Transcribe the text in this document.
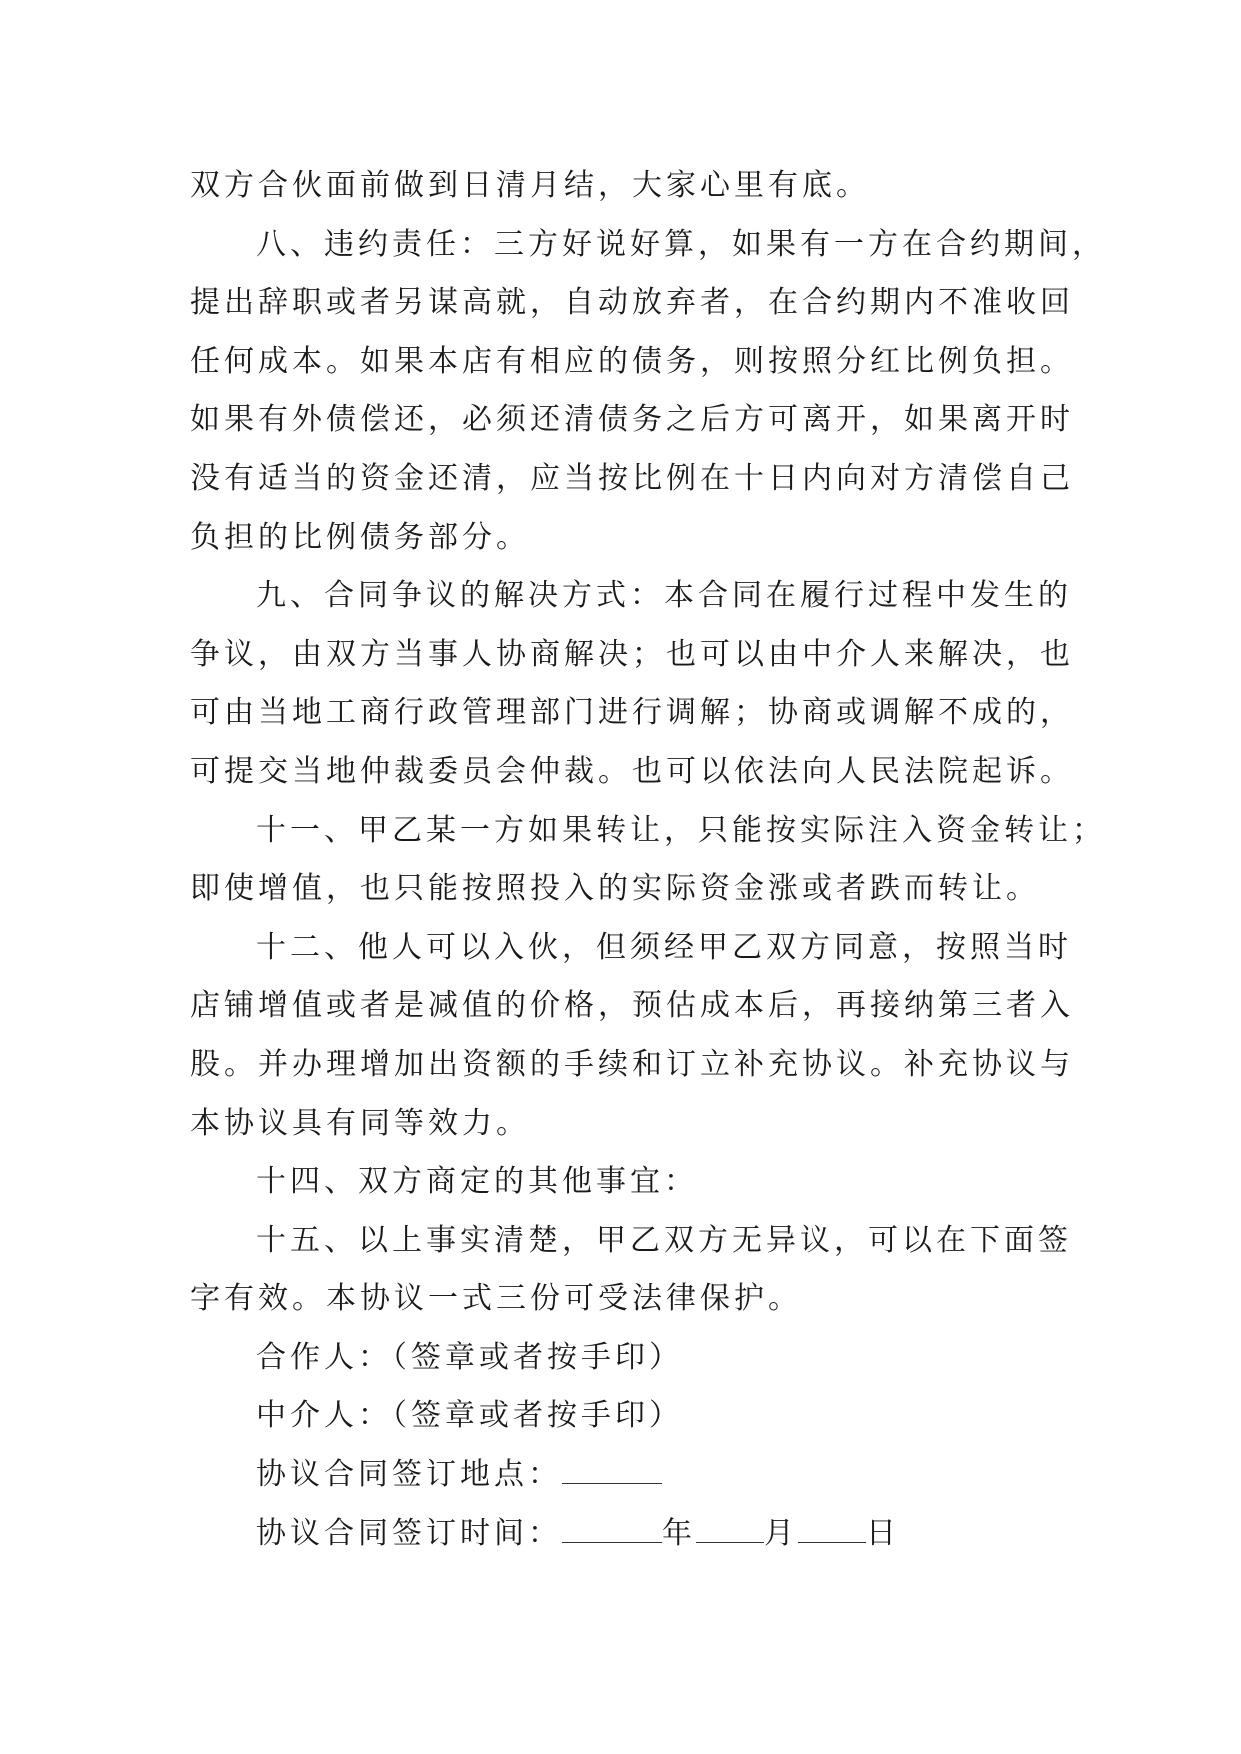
双方合伙面前做到日清月结，大家心里有底。
八、违约责任：三方好说好算，如果有一方在合约期间，
提出辞职或者另谋高就，自动放弃者，在合约期内不准收回
任何成本。如果本店有相应的债务，则按照分红比例负担。
如果有外债偿还，必须还清债务之后方可离开，如果离开时
没有适当的资金还清，应当按比例在十日内向对方清偿自己
负担的比例债务部分。
九、合同争议的解决方式：本合同在履行过程中发生的
争议，由双方当事人协商解决；也可以由中介人来解决，也
可由当地工商行政管理部门进行调解；协商或调解不成的，
可提交当地仲裁委员会仲裁。也可以依法向人民法院起诉。
十一、甲乙某一方如果转让，只能按实际注入资金转让；
即使增值，也只能按照投入的实际资金涨或者跌而转让。
十二、他人可以入伙，但须经甲乙双方同意，按照当时
店铺增值或者是减值的价格，预估成本后，再接纳第三者入
股。并办理增加出资额的手续和订立补充协议。补充协议与
本协议具有同等效力。
十四、双方商定的其他事宜：
十五、以上事实清楚，甲乙双方无异议，可以在下面签
字有效。本协议一式三份可受法律保护。
合作人：（签章或者按手印）
中介人：（签章或者按手印）
协议合同签订地点：
协议合同签订时间：	年 月 日
